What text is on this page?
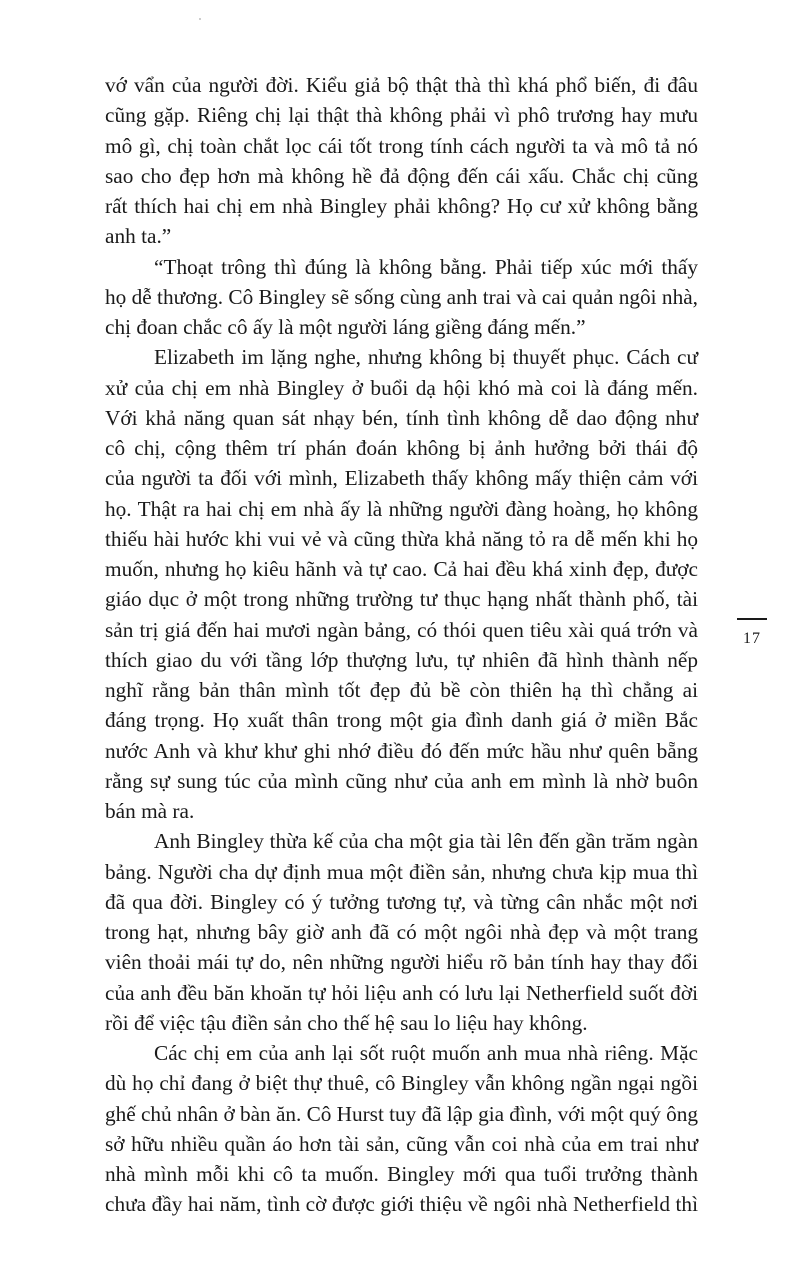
vớ vẩn của người đời. Kiểu giả bộ thật thà thì khá phổ biến, đi đâu

cũng gặp. Riêng chị lại thật thà không phải vì phô trương hay mưu

mô gì, chị toàn chắt lọc cái tốt trong tính cách người ta và mô tả nó

sao cho đẹp hơn mà không hề đả động đến cái xấu. Chắc chị cũng

rất thích hai chị em nhà Bingley phải không? Họ cư xử không bằng

anh ta.”

“Thoạt trông thì đúng là không bằng. Phải tiếp xúc mới thấy

họ dễ thương. Cô Bingley sẽ sống cùng anh trai và cai quản ngôi nhà,

chị đoan chắc cô ấy là một người láng giềng đáng mến.”

Elizabeth im lặng nghe, nhưng không bị thuyết phục. Cách cư

xử của chị em nhà Bingley ở buổi dạ hội khó mà coi là đáng mến.

Với khả năng quan sát nhạy bén, tính tình không dễ dao động như

cô chị, cộng thêm trí phán đoán không bị ảnh hưởng bởi thái độ

của người ta đối với mình, Elizabeth thấy không mấy thiện cảm với

họ. Thật ra hai chị em nhà ấy là những người đàng hoàng, họ không

thiếu hài hước khi vui vẻ và cũng thừa khả năng tỏ ra dễ mến khi họ

muốn, nhưng họ kiêu hãnh và tự cao. Cả hai đều khá xinh đẹp, được

giáo dục ở một trong những trường tư thục hạng nhất thành phố, tài

sản trị giá đến hai mươi ngàn bảng, có thói quen tiêu xài quá trớn và

thích giao du với tầng lớp thượng lưu, tự nhiên đã hình thành nếp

nghĩ rằng bản thân mình tốt đẹp đủ bề còn thiên hạ thì chẳng ai

đáng trọng. Họ xuất thân trong một gia đình danh giá ở miền Bắc

nước Anh và khư khư ghi nhớ điều đó đến mức hầu như quên bẵng

rằng sự sung túc của mình cũng như của anh em mình là nhờ buôn

bán mà ra.

Anh Bingley thừa kế của cha một gia tài lên đến gần trăm ngàn

bảng. Người cha dự định mua một điền sản, nhưng chưa kịp mua thì

đã qua đời. Bingley có ý tưởng tương tự, và từng cân nhắc một nơi

trong hạt, nhưng bây giờ anh đã có một ngôi nhà đẹp và một trang

viên thoải mái tự do, nên những người hiểu rõ bản tính hay thay đổi

của anh đều băn khoăn tự hỏi liệu anh có lưu lại Netherfield suốt đời

rồi để việc tậu điền sản cho thế hệ sau lo liệu hay không.

Các chị em của anh lại sốt ruột muốn anh mua nhà riêng. Mặc

dù họ chỉ đang ở biệt thự thuê, cô Bingley vẫn không ngần ngại ngồi

ghế chủ nhân ở bàn ăn. Cô Hurst tuy đã lập gia đình, với một quý ông

sở hữu nhiều quần áo hơn tài sản, cũng vẫn coi nhà của em trai như

nhà mình mỗi khi cô ta muốn. Bingley mới qua tuổi trưởng thành

chưa đầy hai năm, tình cờ được giới thiệu về ngôi nhà Netherfield thì

17
